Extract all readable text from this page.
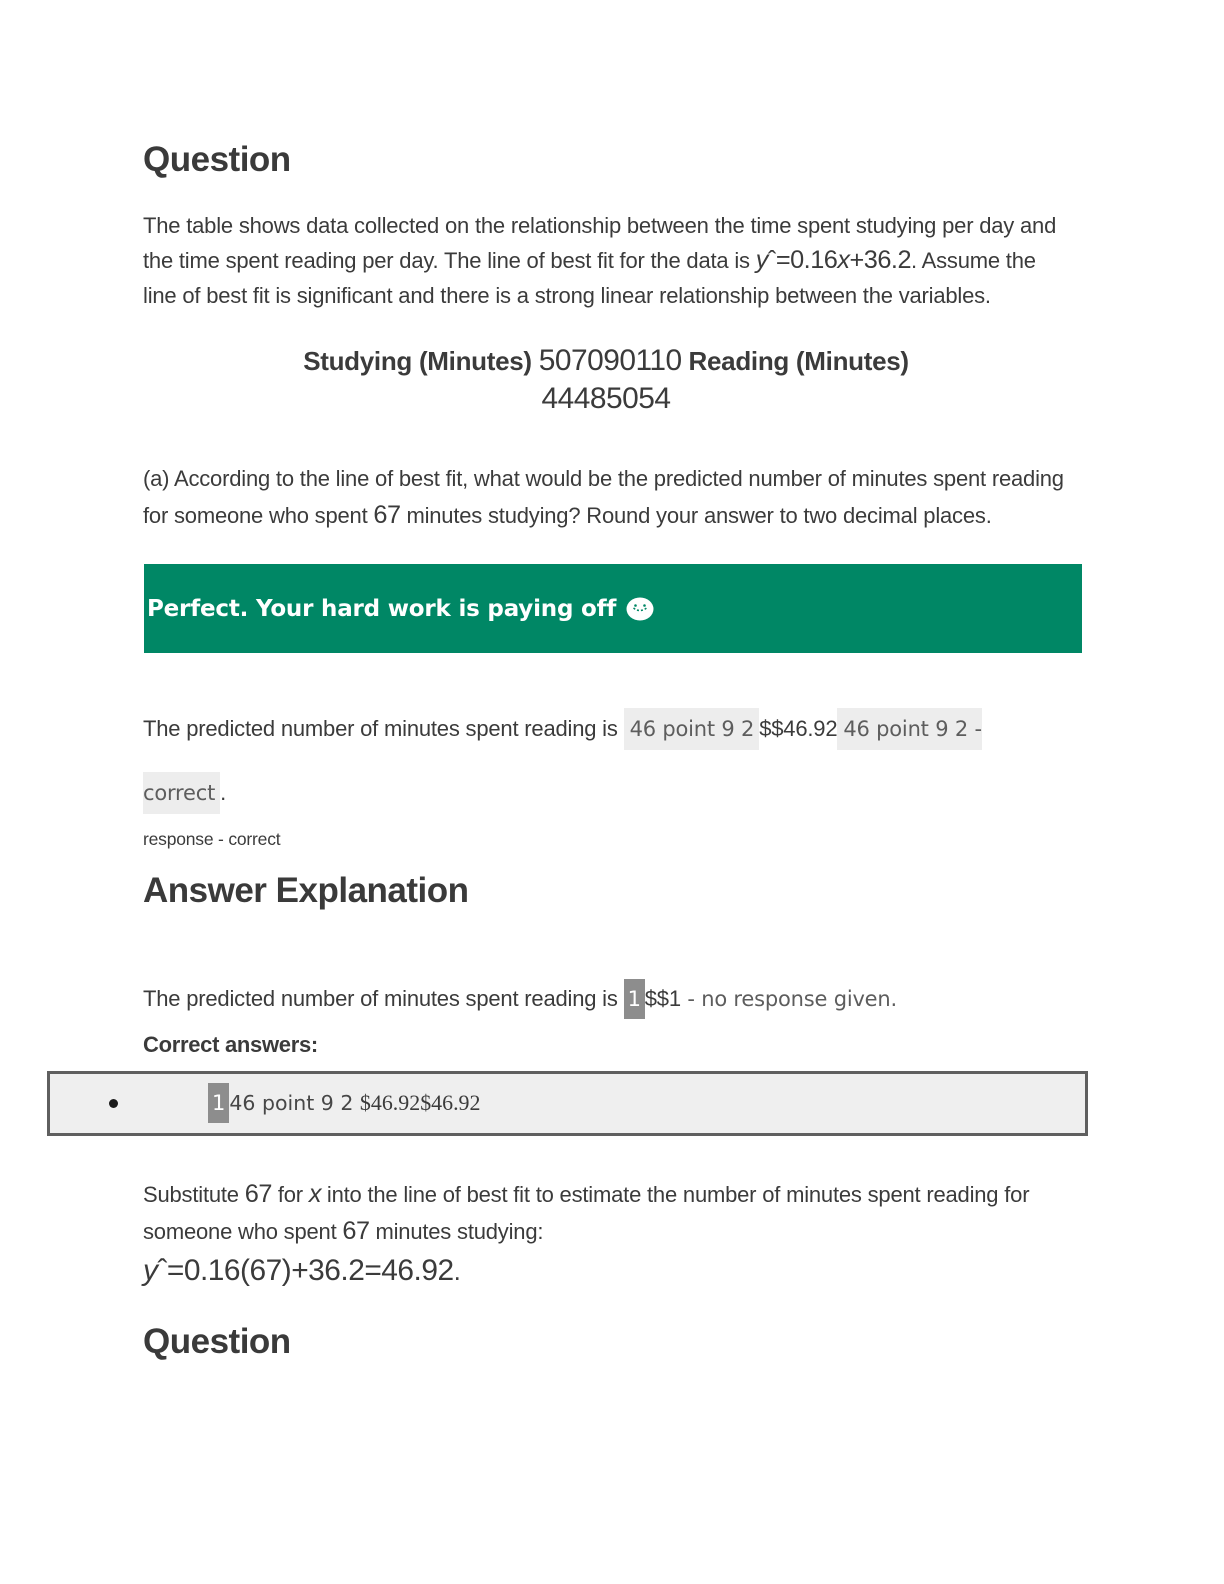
Question

The table shows data collected on the relationship between the time spent studying per day and the time spent reading per day. The line of best fit for the data is yˆ=0.16x+36.2. Assume the line of best fit is significant and there is a strong linear relationship between the variables.

Studying (Minutes) 507090110 Reading (Minutes) 44485054

(a) According to the line of best fit, what would be the predicted number of minutes spent reading for someone who spent 67 minutes studying? Round your answer to two decimal places.

Perfect. Your hard work is paying off

The predicted number of minutes spent reading is 46 point 9 2 $$46.92 46 point 9 2 - correct .

response - correct

Answer Explanation

The predicted number of minutes spent reading is 1 $$1 - no response given.

Correct answers:

1 46 point 9 2 $46.92$46.92

Substitute 67 for x into the line of best fit to estimate the number of minutes spent reading for someone who spent 67 minutes studying:
yˆ=0.16(67)+36.2=46.92.

Question
